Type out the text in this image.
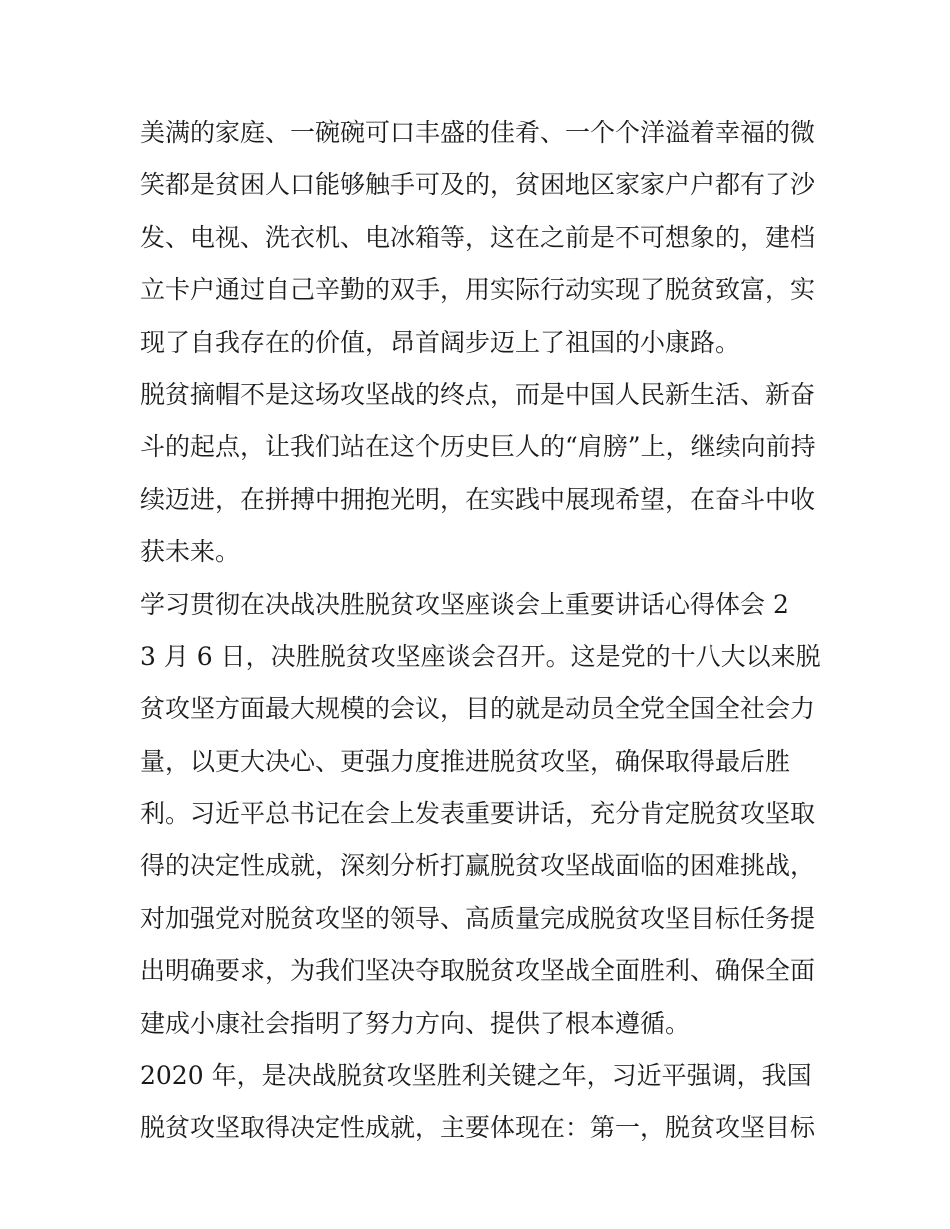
美满的家庭、一碗碗可口丰盛的佳肴、一个个洋溢着幸福的微
笑都是贫困人口能够触手可及的，贫困地区家家户户都有了沙
发、电视、洗衣机、电冰箱等，这在之前是不可想象的，建档
立卡户通过自己辛勤的双手，用实际行动实现了脱贫致富，实
现了自我存在的价值，昂首阔步迈上了祖国的小康路。
脱贫摘帽不是这场攻坚战的终点，而是中国人民新生活、新奋
斗的起点，让我们站在这个历史巨人的“肩膀”上，继续向前持
续迈进，在拼搏中拥抱光明，在实践中展现希望，在奋斗中收
获未来。
学习贯彻在决战决胜脱贫攻坚座谈会上重要讲话心得体会 2
3 月 6 日，决胜脱贫攻坚座谈会召开。这是党的十八大以来脱
贫攻坚方面最大规模的会议，目的就是动员全党全国全社会力
量，以更大决心、更强力度推进脱贫攻坚，确保取得最后胜
利。习近平总书记在会上发表重要讲话，充分肯定脱贫攻坚取
得的决定性成就，深刻分析打赢脱贫攻坚战面临的困难挑战，
对加强党对脱贫攻坚的领导、高质量完成脱贫攻坚目标任务提
出明确要求，为我们坚决夺取脱贫攻坚战全面胜利、确保全面
建成小康社会指明了努力方向、提供了根本遵循。
2020 年，是决战脱贫攻坚胜利关键之年，习近平强调，我国
脱贫攻坚取得决定性成就，主要体现在：第一，脱贫攻坚目标
